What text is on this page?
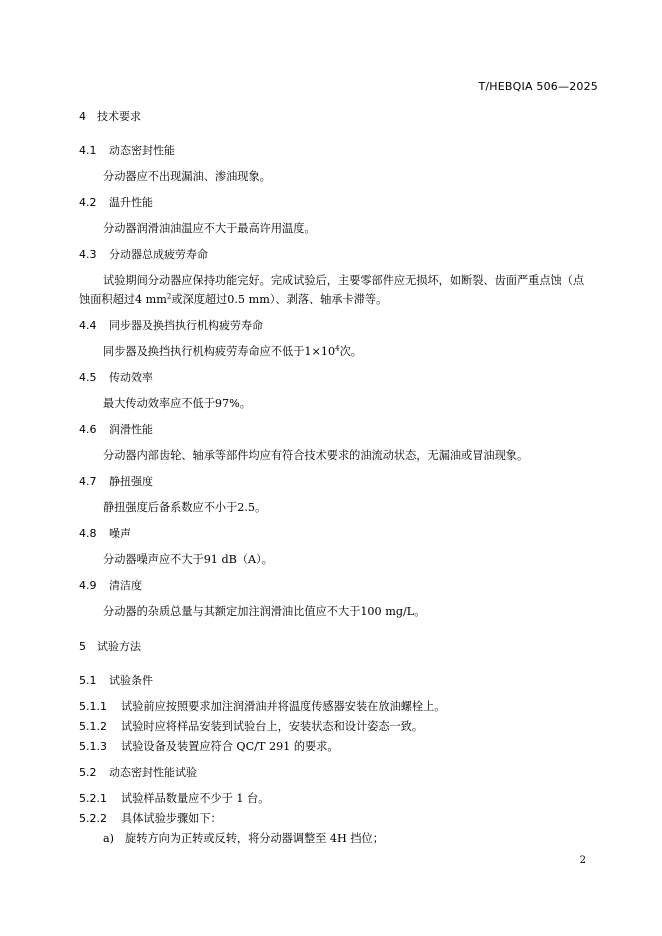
T/HEBQIA 506—2025
4 技术要求
4.1 动态密封性能
分动器应不出现漏油、渗油现象。
4.2 温升性能
分动器润滑油油温应不大于最高许用温度。
4.3 分动器总成疲劳寿命
试验期间分动器应保持功能完好。完成试验后，主要零部件应无损坏，如断裂、齿面严重点蚀（点
蚀面积超过4 $mm^2$或深度超过0.5 mm）、剥落、轴承卡滞等。
4.4 同步器及换挡执行机构疲劳寿命
同步器及换挡执行机构疲劳寿命应不低于$1\times 10^4$次。
4.5 传动效率
最大传动效率应不低于97%。
4.6 润滑性能
分动器内部齿轮、轴承等部件均应有符合技术要求的油流动状态，无漏油或冒油现象。
4.7 静扭强度
静扭强度后备系数应不小于2.5。
4.8 噪声
分动器噪声应不大于91 dB（A）。
4.9 清洁度
分动器的杂质总量与其额定加注润滑油比值应不大于100 mg/L。
5 试验方法
5.1 试验条件
5.1.1 试验前应按照要求加注润滑油并将温度传感器安装在放油螺栓上。
5.1.2 试验时应将样品安装到试验台上，安装状态和设计姿态一致。
5.1.3 试验设备及装置应符合 QC/T 291 的要求。
5.2 动态密封性能试验
5.2.1 试验样品数量应不少于 1 台。
5.2.2 具体试验步骤如下：
a) 旋转方向为正转或反转，将分动器调整至 4H 挡位；
2
